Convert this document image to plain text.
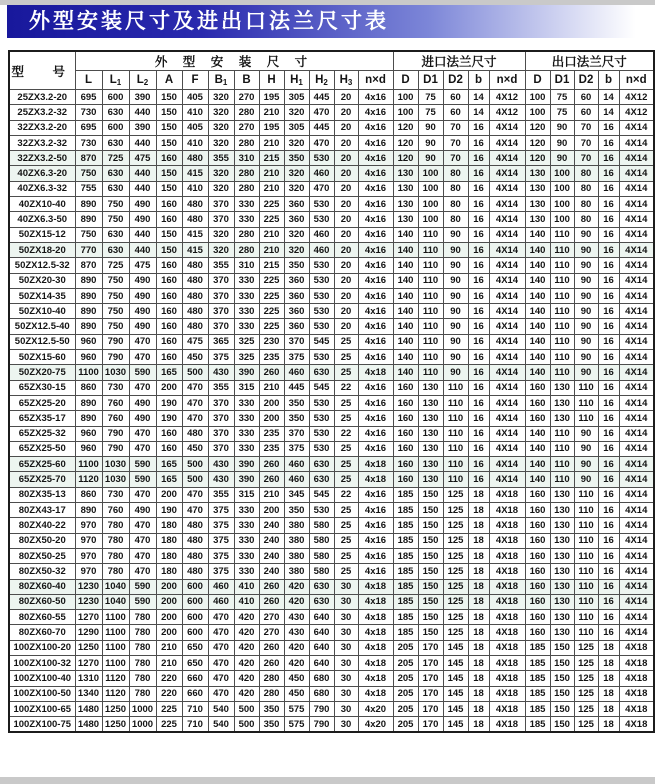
外型安装尺寸及进出口法兰尺寸表
型　号	外 型 安 装 尺 寸												进口法兰尺寸					出口法兰尺寸				
	L	$L_1$	$L_2$	A	F	$B_1$	B	H	$H_1$	$H_2$	$H_3$	n×d	D	D1	D2	b	n×d	D	D1	D2	b	n×d
25ZX3.2-20	695	600	390	150	405	320	270	195	305	445	20	4x16	100	75	60	14	4X12	100	75	60	14	4X12
25ZX3.2-32	730	630	440	150	410	320	280	210	320	470	20	4x16	100	75	60	14	4X12	100	75	60	14	4X12
32ZX3.2-20	695	600	390	150	405	320	270	195	305	445	20	4x16	120	90	70	16	4X14	120	90	70	16	4X14
32ZX3.2-32	730	630	440	150	410	320	280	210	320	470	20	4x16	120	90	70	16	4X14	120	90	70	16	4X14
32ZX3.2-50	870	725	475	160	480	355	310	215	350	530	20	4x16	120	90	70	16	4X14	120	90	70	16	4X14
40ZX6.3-20	750	630	440	150	415	320	280	210	320	460	20	4x16	130	100	80	16	4X14	130	100	80	16	4X14
40ZX6.3-32	755	630	440	150	410	320	280	210	320	470	20	4x16	130	100	80	16	4X14	130	100	80	16	4X14
40ZX10-40	890	750	490	160	480	370	330	225	360	530	20	4x16	130	100	80	16	4X14	130	100	80	16	4X14
40ZX6.3-50	890	750	490	160	480	370	330	225	360	530	20	4x16	130	100	80	16	4X14	130	100	80	16	4X14
50ZX15-12	750	630	440	150	415	320	280	210	320	460	20	4x16	140	110	90	16	4X14	140	110	90	16	4X14
50ZX18-20	770	630	440	150	415	320	280	210	320	460	20	4x16	140	110	90	16	4X14	140	110	90	16	4X14
50ZX12.5-32	870	725	475	160	480	355	310	215	350	530	20	4x16	140	110	90	16	4X14	140	110	90	16	4X14
50ZX20-30	890	750	490	160	480	370	330	225	360	530	20	4x16	140	110	90	16	4X14	140	110	90	16	4X14
50ZX14-35	890	750	490	160	480	370	330	225	360	530	20	4x16	140	110	90	16	4X14	140	110	90	16	4X14
50ZX10-40	890	750	490	160	480	370	330	225	360	530	20	4x16	140	110	90	16	4X14	140	110	90	16	4X14
50ZX12.5-40	890	750	490	160	480	370	330	225	360	530	20	4x16	140	110	90	16	4X14	140	110	90	16	4X14
50ZX12.5-50	960	790	470	160	475	365	325	230	370	545	25	4x16	140	110	90	16	4X14	140	110	90	16	4X14
50ZX15-60	960	790	470	160	450	375	325	235	375	530	25	4x16	140	110	90	16	4X14	140	110	90	16	4X14
50ZX20-75	1100	1030	590	165	500	430	390	260	460	630	25	4x18	140	110	90	16	4X14	140	110	90	16	4X14
65ZX30-15	860	730	470	200	470	355	315	210	445	545	22	4x16	160	130	110	16	4X14	160	130	110	16	4X14
65ZX25-20	890	760	490	190	470	370	330	200	350	530	25	4x16	160	130	110	16	4X14	160	130	110	16	4X14
65ZX35-17	890	760	490	190	470	370	330	200	350	530	25	4x16	160	130	110	16	4X14	160	130	110	16	4X14
65ZX25-32	960	790	470	160	480	370	330	235	370	530	22	4x16	160	130	110	16	4X14	140	110	90	16	4X14
65ZX25-50	960	790	470	160	450	370	330	235	375	530	25	4x16	160	130	110	16	4X14	140	110	90	16	4X14
65ZX25-60	1100	1030	590	165	500	430	390	260	460	630	25	4x18	160	130	110	16	4X14	140	110	90	16	4X14
65ZX25-70	1120	1030	590	165	500	430	390	260	460	630	25	4x18	160	130	110	16	4X14	140	110	90	16	4X14
80ZX35-13	860	730	470	200	470	355	315	210	345	545	22	4x16	185	150	125	18	4X18	160	130	110	16	4X14
80ZX43-17	890	760	490	190	470	375	330	200	350	530	25	4x16	185	150	125	18	4X18	160	130	110	16	4X14
80ZX40-22	970	780	470	180	480	375	330	240	380	580	25	4x16	185	150	125	18	4X18	160	130	110	16	4X14
80ZX50-20	970	780	470	180	480	375	330	240	380	580	25	4x16	185	150	125	18	4X18	160	130	110	16	4X14
80ZX50-25	970	780	470	180	480	375	330	240	380	580	25	4x16	185	150	125	18	4X18	160	130	110	16	4X14
80ZX50-32	970	780	470	180	480	375	330	240	380	580	25	4x16	185	150	125	18	4X18	160	130	110	16	4X14
80ZX60-40	1230	1040	590	200	600	460	410	260	420	630	30	4x18	185	150	125	18	4X18	160	130	110	16	4X14
80ZX60-50	1230	1040	590	200	600	460	410	260	420	630	30	4x18	185	150	125	18	4X18	160	130	110	16	4X14
80ZX60-55	1270	1100	780	200	600	470	420	270	430	640	30	4x18	185	150	125	18	4X18	160	130	110	16	4X14
80ZX60-70	1290	1100	780	200	600	470	420	270	430	640	30	4x18	185	150	125	18	4X18	160	130	110	16	4X14
100ZX100-20	1250	1100	780	210	650	470	420	260	420	640	30	4x18	205	170	145	18	4X18	185	150	125	18	4X18
100ZX100-32	1270	1100	780	210	650	470	420	260	420	640	30	4x18	205	170	145	18	4X18	185	150	125	18	4X18
100ZX100-40	1310	1120	780	220	660	470	420	280	450	680	30	4x18	205	170	145	18	4X18	185	150	125	18	4X18
100ZX100-50	1340	1120	780	220	660	470	420	280	450	680	30	4x18	205	170	145	18	4X18	185	150	125	18	4X18
100ZX100-65	1480	1250	1000	225	710	540	500	350	575	790	30	4x20	205	170	145	18	4X18	185	150	125	18	4X18
100ZX100-75	1480	1250	1000	225	710	540	500	350	575	790	30	4x20	205	170	145	18	4X18	185	150	125	18	4X18
